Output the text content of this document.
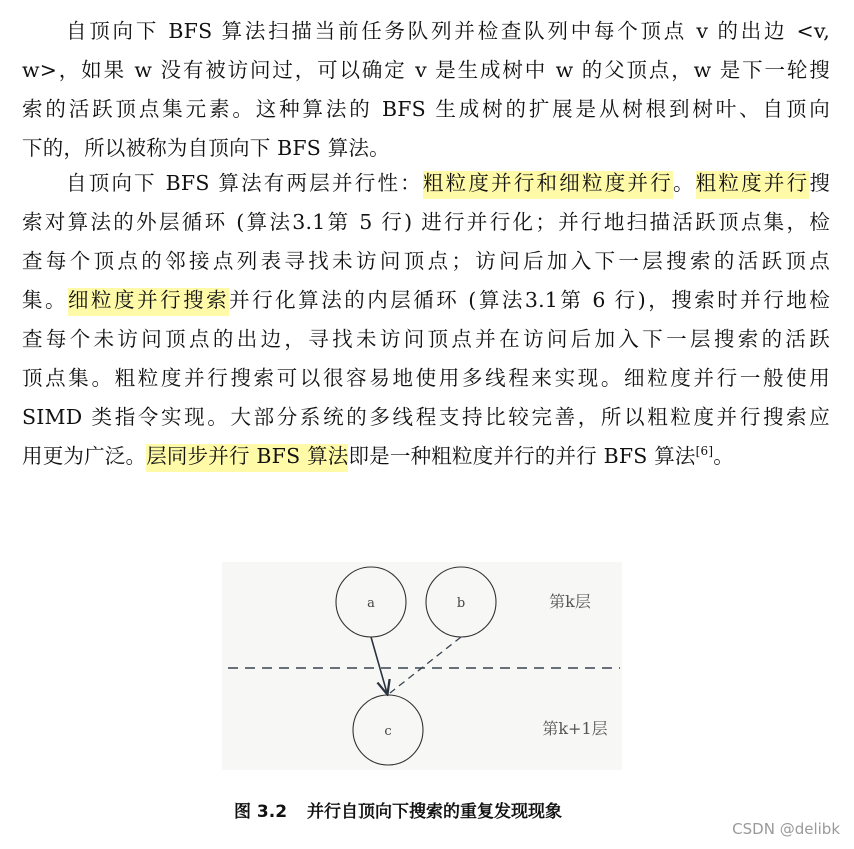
自顶向下 BFS 算法扫描当前任务队列并检查队列中每个顶点 v 的出边 <v,
w>，如果 w 没有被访问过，可以确定 v 是生成树中 w 的父顶点，w 是下一轮搜
索的活跃顶点集元素。这种算法的 BFS 生成树的扩展是从树根到树叶、自顶向
下的，所以被称为自顶向下 BFS 算法。
自顶向下 BFS 算法有两层并行性：粗粒度并行和细粒度并行。粗粒度并行搜
索对算法的外层循环 (算法3.1第 5 行) 进行并行化；并行地扫描活跃顶点集，检
查每个顶点的邻接点列表寻找未访问顶点；访问后加入下一层搜索的活跃顶点
集。细粒度并行搜索并行化算法的内层循环 (算法3.1第 6 行)，搜索时并行地检
查每个未访问顶点的出边，寻找未访问顶点并在访问后加入下一层搜索的活跃
顶点集。粗粒度并行搜索可以很容易地使用多线程来实现。细粒度并行一般使用
SIMD 类指令实现。大部分系统的多线程支持比较完善，所以粗粒度并行搜索应
用更为广泛。层同步并行 BFS 算法即是一种粗粒度并行的并行 BFS 算法[6]。
a	b
c
第k层
第k+1层
图 3.2 并行自顶向下搜索的重复发现现象
CSDN @delibk
